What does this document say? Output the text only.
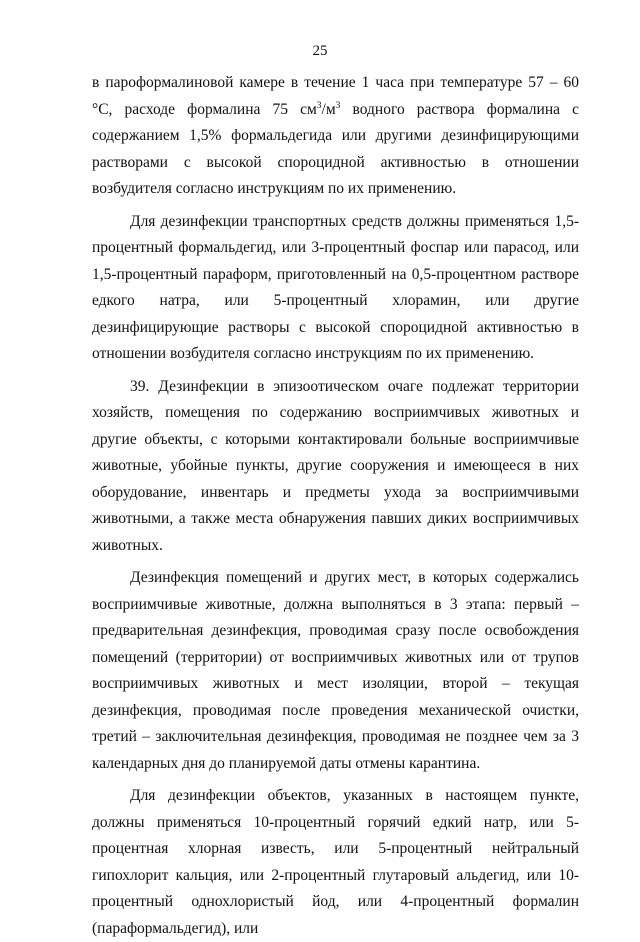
25

в пароформалиновой камере в течение 1 часа при температуре 57 – 60 °С, расходе формалина 75 $см^3/м^3$ водного раствора формалина с содержанием 1,5% формальдегида или другими дезинфицирующими растворами с высокой спороцидной активностью в отношении возбудителя согласно инструкциям по их применению.

Для дезинфекции транспортных средств должны применяться 1,5-процентный формальдегид, или 3-процентный фоспар или парасод, или 1,5-процентный параформ, приготовленный на 0,5-процентном растворе едкого натра, или 5-процентный хлорамин, или другие дезинфицирующие растворы с высокой спороцидной активностью в отношении возбудителя согласно инструкциям по их применению.

39. Дезинфекции в эпизоотическом очаге подлежат территории хозяйств, помещения по содержанию восприимчивых животных и другие объекты, с которыми контактировали больные восприимчивые животные, убойные пункты, другие сооружения и имеющееся в них оборудование, инвентарь и предметы ухода за восприимчивыми животными, а также места обнаружения павших диких восприимчивых животных.

Дезинфекция помещений и других мест, в которых содержались восприимчивые животные, должна выполняться в 3 этапа: первый – предварительная дезинфекция, проводимая сразу после освобождения помещений (территории) от восприимчивых животных или от трупов восприимчивых животных и мест изоляции, второй – текущая дезинфекция, проводимая после проведения механической очистки, третий – заключительная дезинфекция, проводимая не позднее чем за 3 календарных дня до планируемой даты отмены карантина.

Для дезинфекции объектов, указанных в настоящем пункте, должны применяться 10-процентный горячий едкий натр, или 5-процентная хлорная известь, или 5-процентный нейтральный гипохлорит кальция, или 2-процентный глутаровый альдегид, или 10-процентный однохлористый йод, или 4-процентный формалин (параформальдегид), или
